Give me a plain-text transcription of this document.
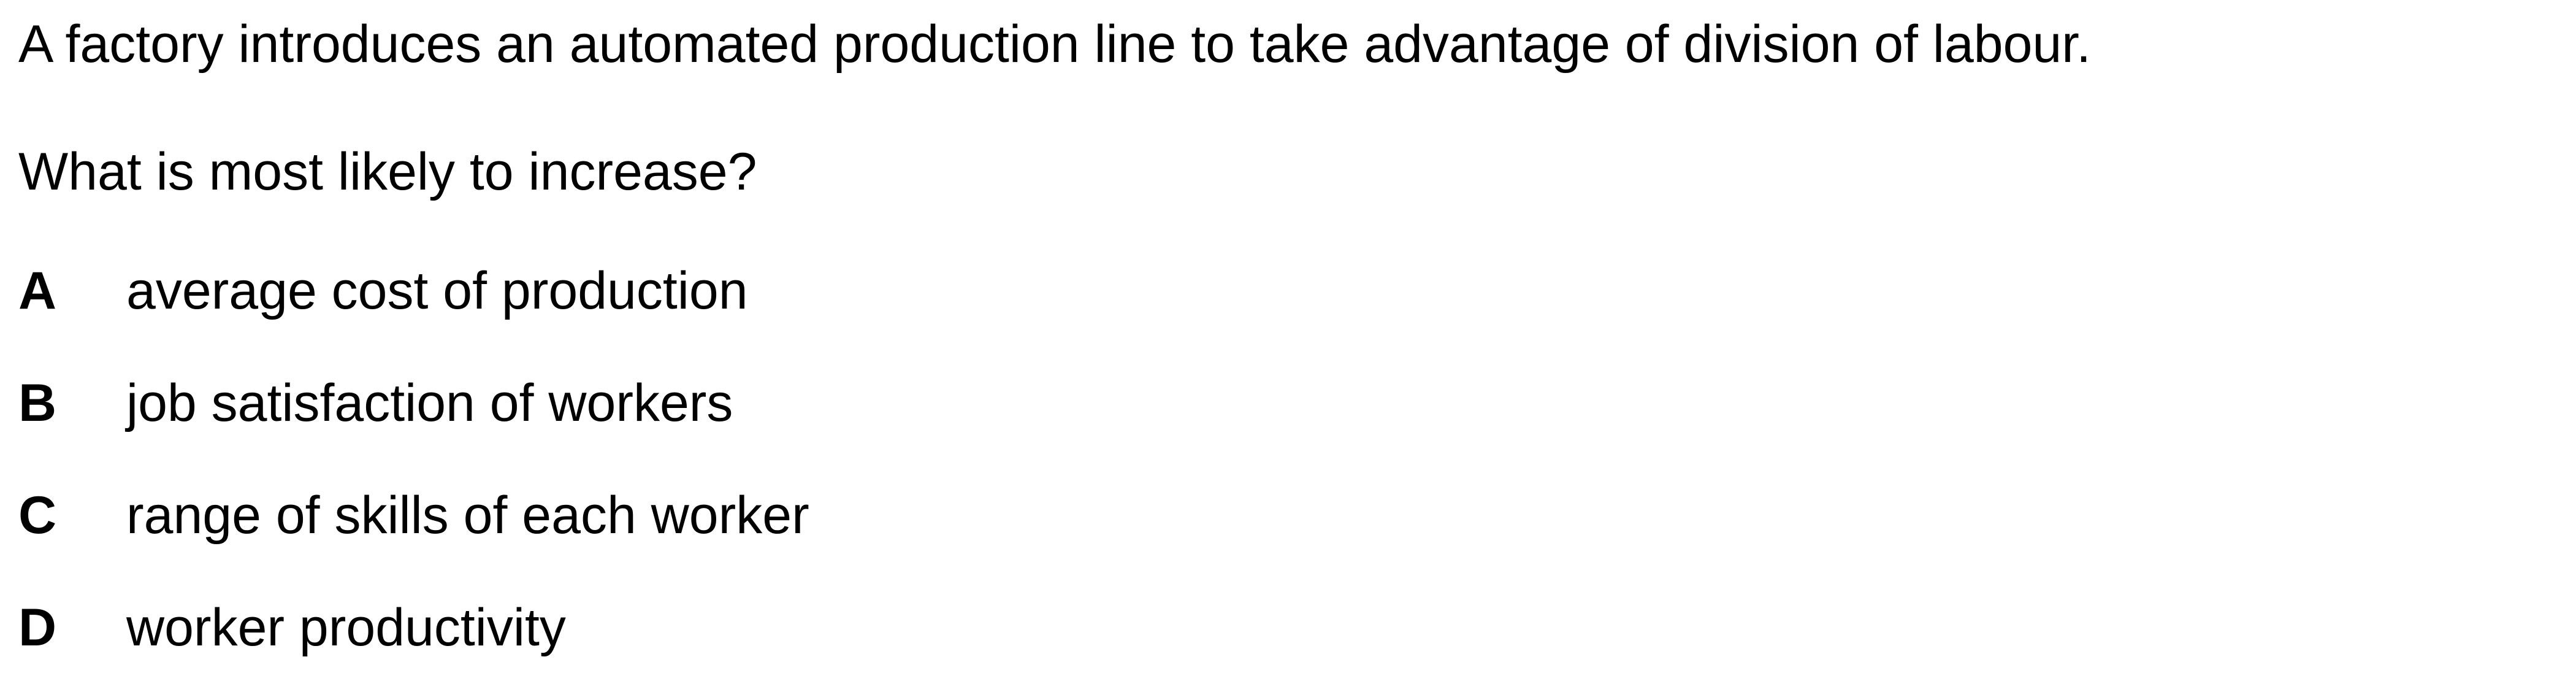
A factory introduces an automated production line to take advantage of division of labour.
What is most likely to increase?
A	average cost of production
B	job satisfaction of workers
C	range of skills of each worker
D	worker productivity
